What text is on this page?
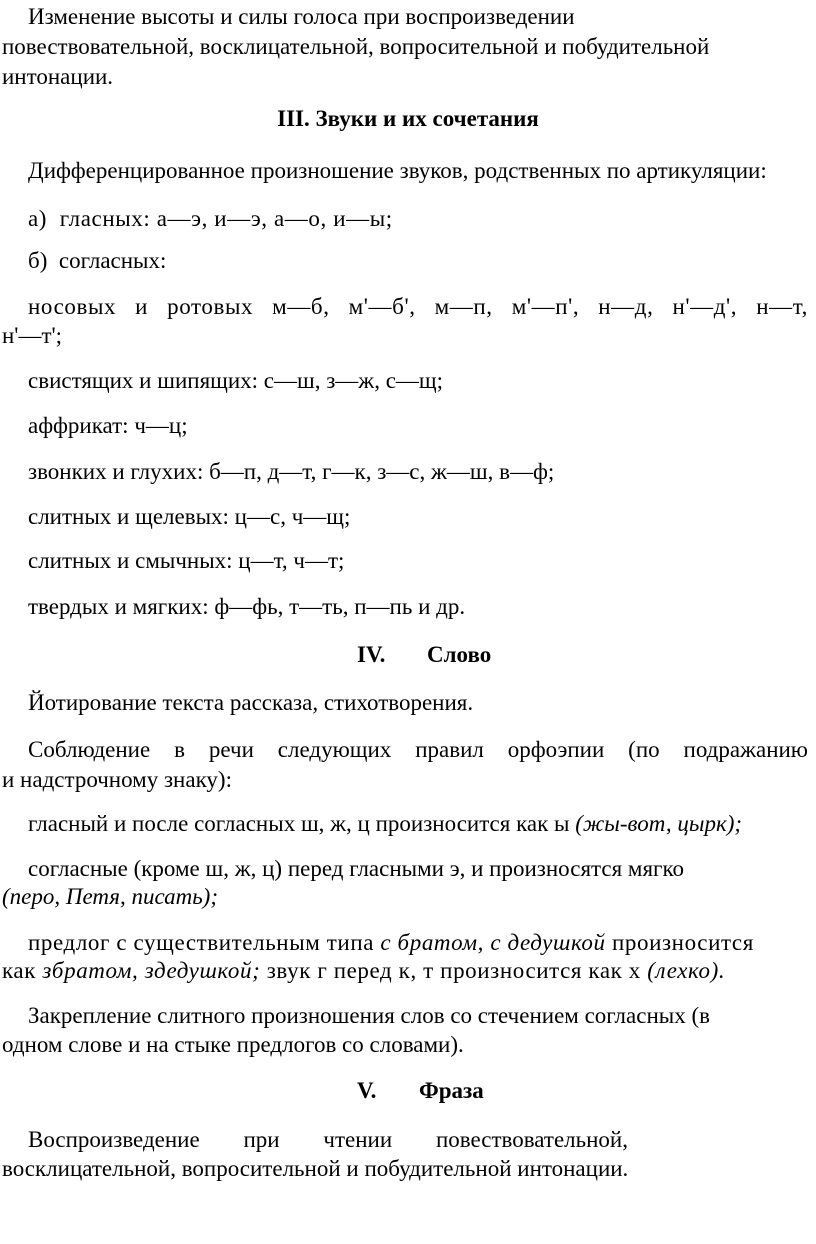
Изменение высоты и силы голоса при воспроизведении
повествовательной, восклицательной, вопросительной и побудительной
интонации.
III. Звуки и их сочетания
Дифференцированное произношение звуков, родственных по артикуляции:
а)  гласных: а—э, и—э, а—о, и—ы;
б)  согласных:
носовых и ротовых м—б, м'—б', м—п, м'—п', н—д, н'—д', н—т,
н'—т';
свистящих и шипящих: с—ш, з—ж, с—щ;
аффрикат: ч—ц;
звонких и глухих: б—п, д—т, г—к, з—с, ж—ш, в—ф;
слитных и щелевых: ц—с, ч—щ;
слитных и смычных: ц—т, ч—т;
твердых и мягких: ф—фь, т—ть, п—пь и др.
IV. Слово
Йотирование текста рассказа, стихотворения.
Соблюдение в речи следующих правил орфоэпии (по подражанию
и надстрочному знаку):
гласный и после согласных ш, ж, ц произносится как ы (жы-вот, цырк);
согласные (кроме ш, ж, ц) перед гласными э, и произносятся мягко
(перо, Петя, писать);
предлог с существительным типа с братом, с дедушкой произносится
как збратом, здедушкой; звук г перед к, т произносится как х (лехко).
Закрепление слитного произношения слов со стечением согласных (в
одном слове и на стыке предлогов со словами).
V. Фраза
Воспроизведение при чтении повествовательной,
восклицательной, вопросительной и побудительной интонации.
